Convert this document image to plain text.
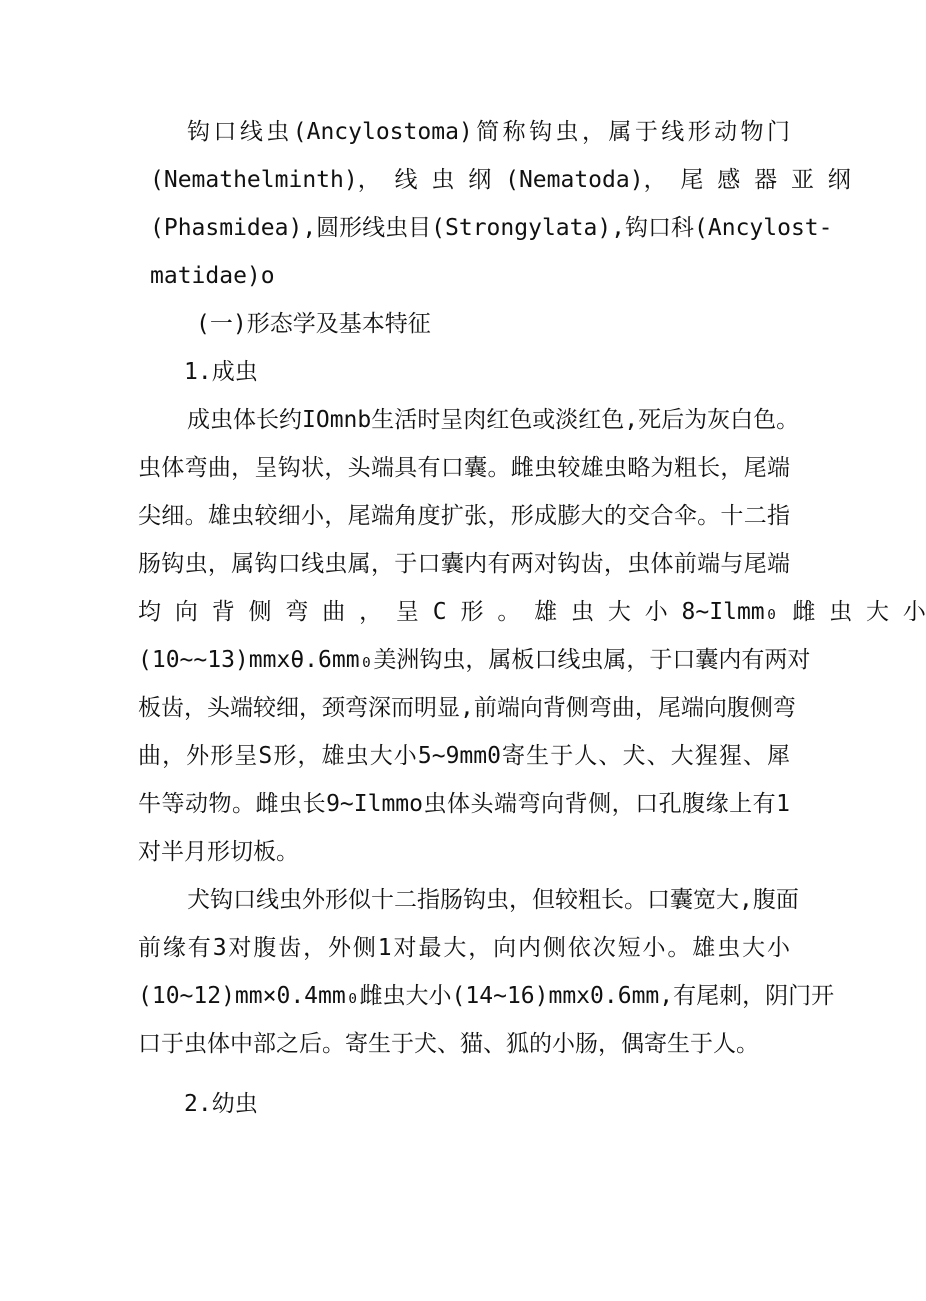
钩口线虫(Ancylostoma)简称钩虫，属于线形动物门
(Nemathelminth)， 线 虫 纲 (Nematoda)， 尾 感 器 亚 纲
(Phasmidea),圆形线虫目(Strongylata),钩口科(Ancylost-
matidae)o
(一)形态学及基本特征
1.成虫
成虫体长约IOmnb生活时呈肉红色或淡红色,死后为灰白色。
虫体弯曲，呈钩状，头端具有口囊。雌虫较雄虫略为粗长，尾端
尖细。雄虫较细小，尾端角度扩张，形成膨大的交合伞。十二指
肠钩虫，属钩口线虫属，于口囊内有两对钩齿，虫体前端与尾端
均 向 背 侧 弯 曲 ， 呈 C 形 。 雄 虫 大 小 8~Ilmm₀ 雌 虫 大 小
(10~~13)mmxθ.6mm₀美洲钩虫，属板口线虫属，于口囊内有两对
板齿，头端较细，颈弯深而明显,前端向背侧弯曲，尾端向腹侧弯
曲，外形呈S形，雄虫大小5~9mm0寄生于人、犬、大猩猩、犀
牛等动物。雌虫长9~Ilmmo虫体头端弯向背侧，口孔腹缘上有1
对半月形切板。
犬钩口线虫外形似十二指肠钩虫，但较粗长。口囊宽大,腹面
前缘有3对腹齿，外侧1对最大，向内侧依次短小。雄虫大小
(10~12)mm×0.4mm₀雌虫大小(14~16)mmx0.6mm,有尾刺，阴门开
口于虫体中部之后。寄生于犬、猫、狐的小肠，偶寄生于人。
2.幼虫
